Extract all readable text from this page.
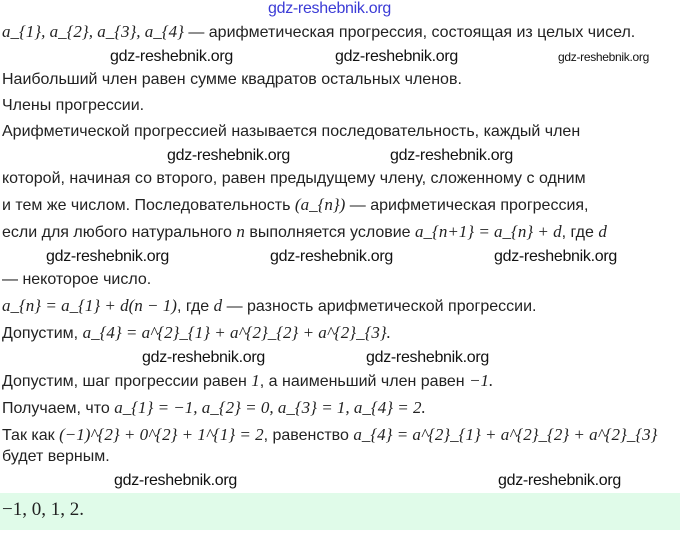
gdz-reshebnik.org
a_{1}, a_{2}, a_{3}, a_{4} — арифметическая прогрессия, состоящая из целых чисел.
gdz-reshebnik.org	gdz-reshebnik.org	gdz-reshebnik.org
Наибольший член равен сумме квадратов остальных членов.
Члены прогрессии.
Арифметической прогрессией называется последовательность, каждый член
gdz-reshebnik.org	gdz-reshebnik.org
которой, начиная со второго, равен предыдущему члену, сложенному с одним
и тем же числом. Последовательность (a_{n}) — арифметическая прогрессия,
если для любого натурального n выполняется условие a_{n+1} = a_{n} + d, где d
gdz-reshebnik.org	gdz-reshebnik.org	gdz-reshebnik.org
— некоторое число.
a_{n} = a_{1} + d(n − 1), где d — разность арифметической прогрессии.
Допустим, a_{4} = a^{2}_{1} + a^{2}_{2} + a^{2}_{3}.
gdz-reshebnik.org	gdz-reshebnik.org
Допустим, шаг прогрессии равен 1, а наименьший член равен −1.
Получаем, что a_{1} = −1, a_{2} = 0, a_{3} = 1, a_{4} = 2.
Так как (−1)^{2} + 0^{2} + 1^{1} = 2, равенство a_{4} = a^{2}_{1} + a^{2}_{2} + a^{2}_{3} будет верным.
gdz-reshebnik.org	gdz-reshebnik.org
−1, 0, 1, 2.
